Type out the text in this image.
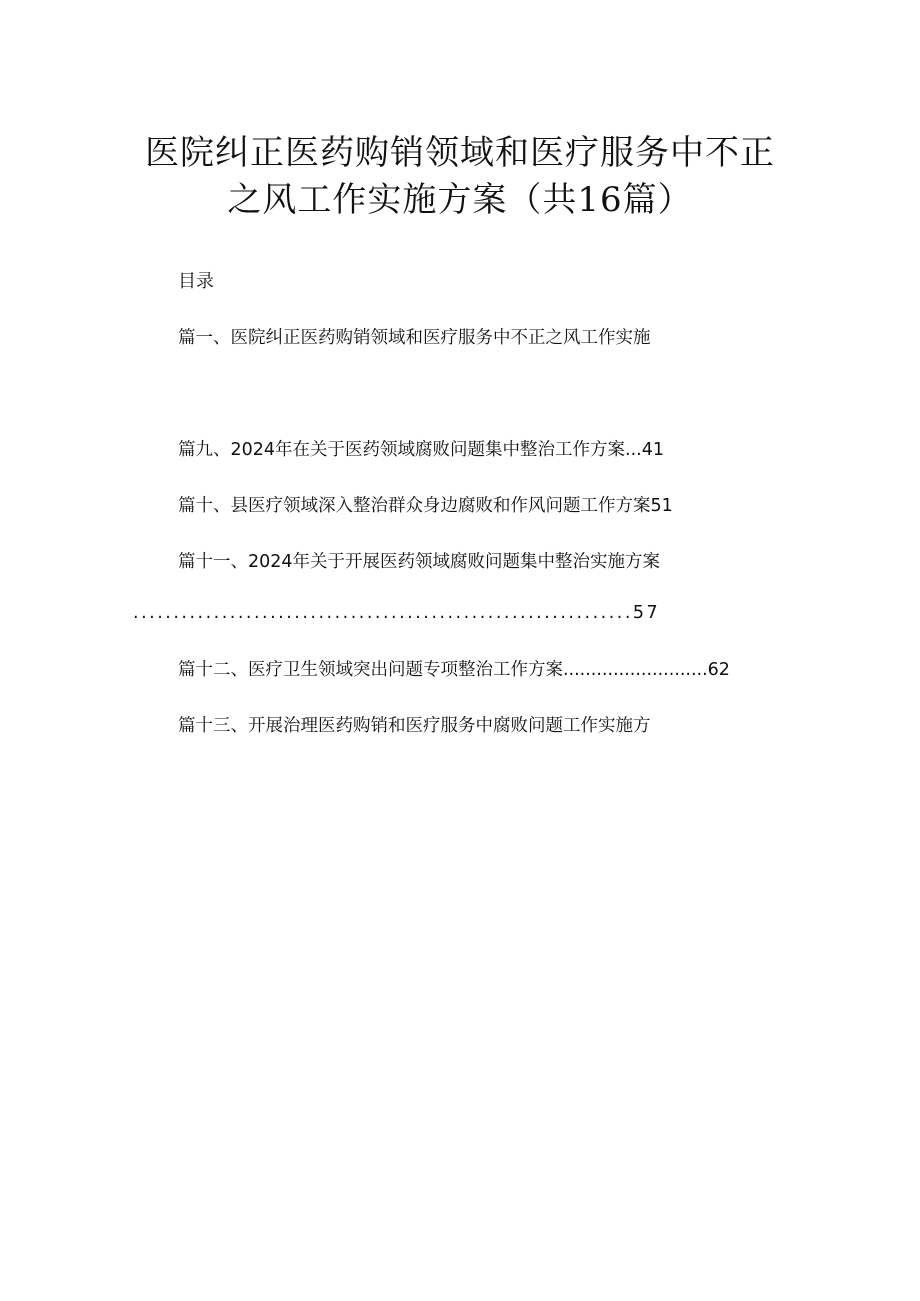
医院纠正医药购销领域和医疗服务中不正
之风工作实施方案（共16篇）
目录
篇一、医院纠正医药购销领域和医疗服务中不正之风工作实施
篇九、2024年在关于医药领域腐败问题集中整治工作方案...41
篇十、县医疗领域深入整治群众身边腐败和作风问题工作方案51
篇十一、2024年关于开展医药领域腐败问题集中整治实施方案
..............................................................57
篇十二、医疗卫生领域突出问题专项整治工作方案..........................62
篇十三、开展治理医药购销和医疗服务中腐败问题工作实施方
